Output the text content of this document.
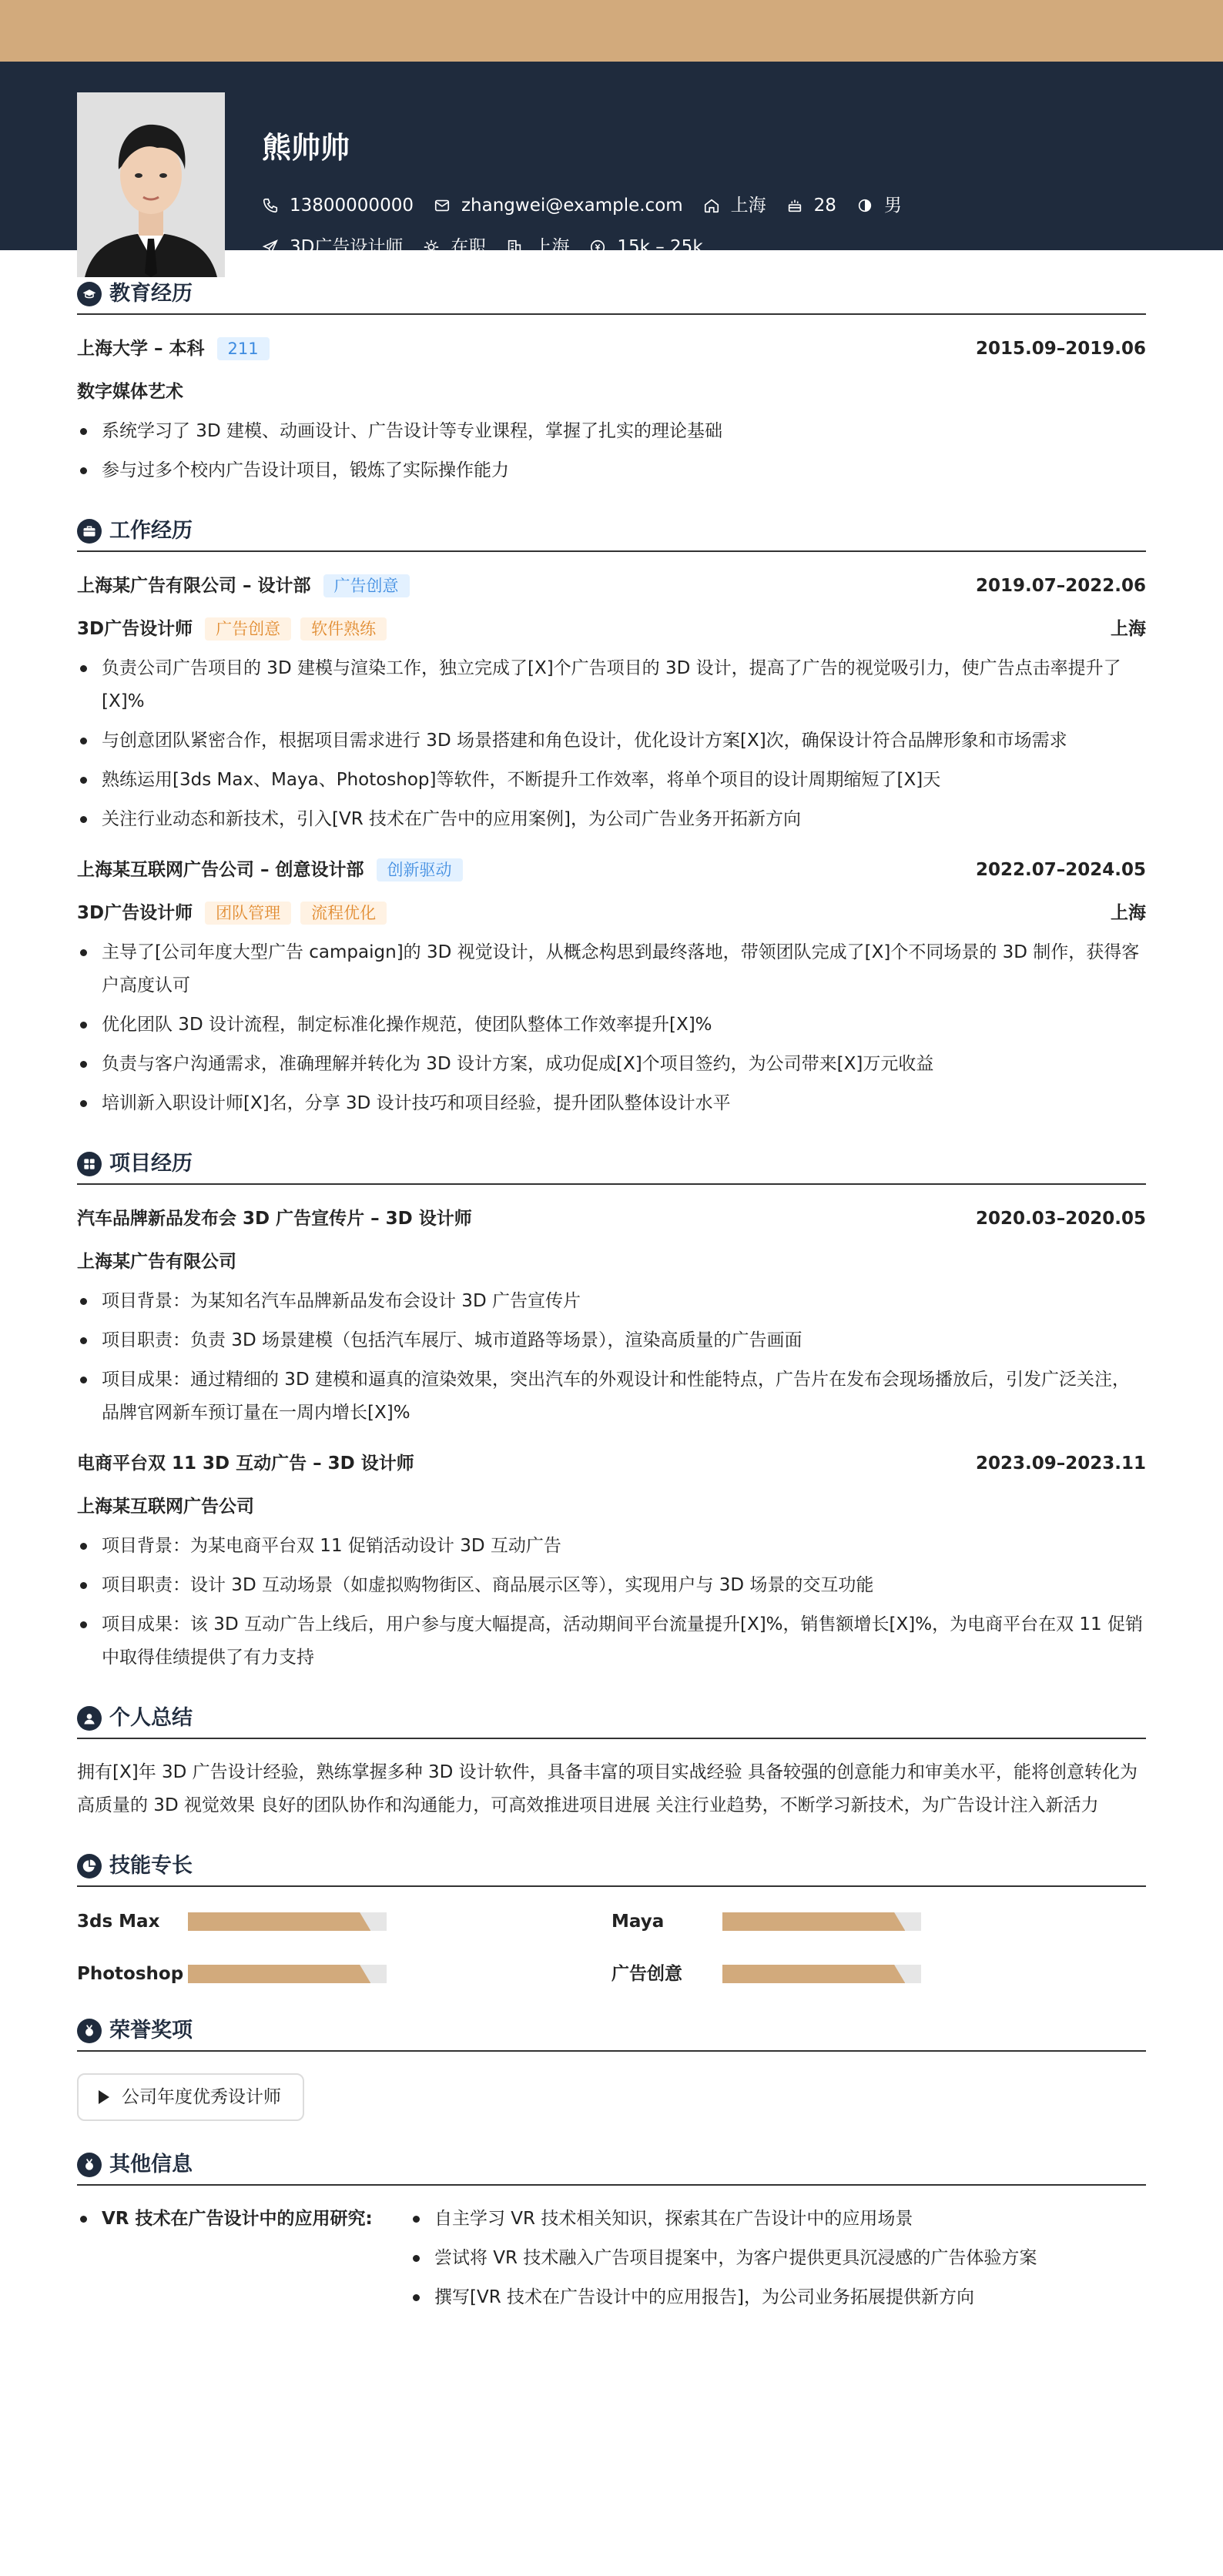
熊帅帅
13800000000	zhangwei@example.com	上海	28	男
3D广告设计师	在职	上海	15k – 25k
教育经历
上海大学 – 本科	211	2015.09–2019.06
数字媒体艺术
系统学习了 3D 建模、动画设计、广告设计等专业课程，掌握了扎实的理论基础
参与过多个校内广告设计项目，锻炼了实际操作能力
工作经历
上海某广告有限公司 – 设计部	广告创意	2019.07–2022.06
3D广告设计师	广告创意	软件熟练	上海
负责公司广告项目的 3D 建模与渲染工作，独立完成了[X]个广告项目的 3D 设计，提高了广告的视觉吸引力，使广告点击率提升了[X]%
与创意团队紧密合作，根据项目需求进行 3D 场景搭建和角色设计，优化设计方案[X]次，确保设计符合品牌形象和市场需求
熟练运用[3ds Max、Maya、Photoshop]等软件，不断提升工作效率，将单个项目的设计周期缩短了[X]天
关注行业动态和新技术，引入[VR 技术在广告中的应用案例]，为公司广告业务开拓新方向
上海某互联网广告公司 – 创意设计部	创新驱动	2022.07–2024.05
3D广告设计师	团队管理	流程优化	上海
主导了[公司年度大型广告 campaign]的 3D 视觉设计，从概念构思到最终落地，带领团队完成了[X]个不同场景的 3D 制作，获得客户高度认可
优化团队 3D 设计流程，制定标准化操作规范，使团队整体工作效率提升[X]%
负责与客户沟通需求，准确理解并转化为 3D 设计方案，成功促成[X]个项目签约，为公司带来[X]万元收益
培训新入职设计师[X]名，分享 3D 设计技巧和项目经验，提升团队整体设计水平
项目经历
汽车品牌新品发布会 3D 广告宣传片 – 3D 设计师	2020.03–2020.05
上海某广告有限公司
项目背景：为某知名汽车品牌新品发布会设计 3D 广告宣传片
项目职责：负责 3D 场景建模（包括汽车展厅、城市道路等场景），渲染高质量的广告画面
项目成果：通过精细的 3D 建模和逼真的渲染效果，突出汽车的外观设计和性能特点，广告片在发布会现场播放后，引发广泛关注，品牌官网新车预订量在一周内增长[X]%
电商平台双 11 3D 互动广告 – 3D 设计师	2023.09–2023.11
上海某互联网广告公司
项目背景：为某电商平台双 11 促销活动设计 3D 互动广告
项目职责：设计 3D 互动场景（如虚拟购物街区、商品展示区等），实现用户与 3D 场景的交互功能
项目成果：该 3D 互动广告上线后，用户参与度大幅提高，活动期间平台流量提升[X]%，销售额增长[X]%，为电商平台在双 11 促销中取得佳绩提供了有力支持
个人总结

拥有[X]年 3D 广告设计经验，熟练掌握多种 3D 设计软件，具备丰富的项目实战经验 具备较强的创意能力和审美水平，能将创意转化为高质量的 3D 视觉效果 良好的团队协作和沟通能力，可高效推进项目进展 关注行业趋势，不断学习新技术，为广告设计注入新活力

技能专长
3ds Max	Maya
Photoshop	广告创意
荣誉奖项
公司年度优秀设计师
其他信息
VR 技术在广告设计中的应用研究:	自主学习 VR 技术相关知识，探索其在广告设计中的应用场景
尝试将 VR 技术融入广告项目提案中，为客户提供更具沉浸感的广告体验方案
撰写[VR 技术在广告设计中的应用报告]，为公司业务拓展提供新方向
